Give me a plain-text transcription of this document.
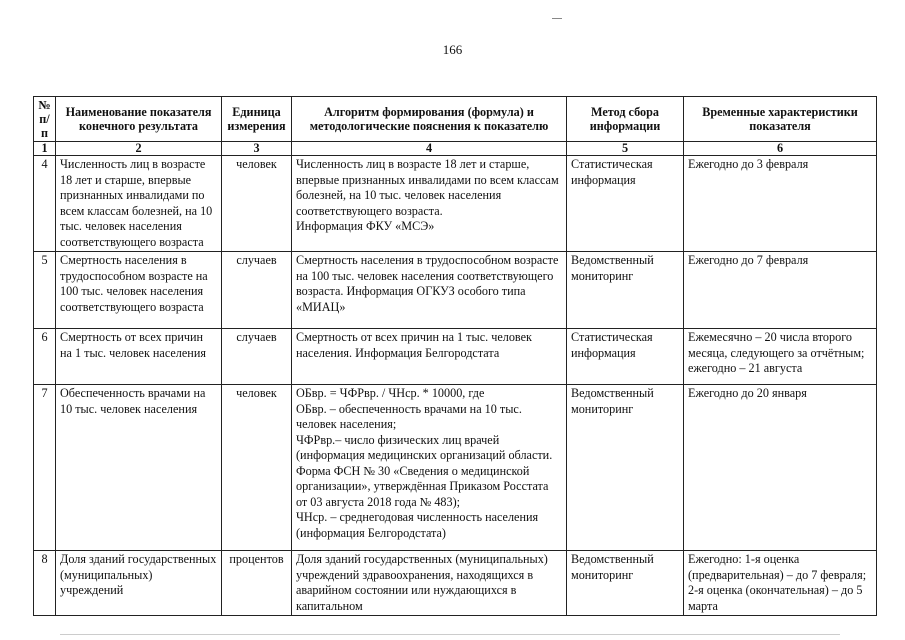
166
№ п/п	Наименование показателя конечного результата	Единица измерения	Алгоритм формирования (формула) и методологические пояснения к показателю	Метод сбора информации	Временные характеристики показателя
1	2	3	4	5	6
4	Численность лиц в возрасте 18 лет и старше, впервые признанных инвалидами по всем классам болезней, на 10 тыс. человек населения соответствующего возраста	человек	Численность лиц в возрасте 18 лет и старше, впервые признанных инвалидами по всем классам болезней, на 10 тыс. человек населения соответствующего возраста.
Информация ФКУ «МСЭ»	Статистическая информация	Ежегодно до 3 февраля
5	Смертность населения в трудоспособном возрасте на 100 тыс. человек населения соответствующего возраста	случаев	Смертность населения в трудоспособном возрасте на 100 тыс. человек населения соответствующего возраста. Информация ОГКУЗ особого типа «МИАЦ»	Ведомственный мониторинг	Ежегодно до 7 февраля
6	Смертность от всех причин на 1 тыс. человек населения	случаев	Смертность от всех причин на 1 тыс. человек населения. Информация Белгородстата	Статистическая информация	Ежемесячно – 20 числа второго месяца, следующего за отчётным; ежегодно – 21 августа
7	Обеспеченность врачами на 10 тыс. человек населения	человек	ОБвр. = ЧФРвр. / ЧНср. * 10000, где
ОБвр. – обеспеченность врачами на 10 тыс. человек населения;
ЧФРвр.– число физических лиц врачей (информация медицинских организаций области. Форма ФСН № 30 «Сведения о медицинской организации», утверждённая Приказом Росстата от 03 августа 2018 года № 483);
ЧНср. – среднегодовая численность населения (информация Белгородстата)	Ведомственный мониторинг	Ежегодно до 20 января
8	Доля зданий государственных (муниципальных) учреждений	процентов	Доля зданий государственных (муниципальных) учреждений здравоохранения, находящихся в аварийном состоянии или нуждающихся в капитальном	Ведомственный мониторинг	Ежегодно: 1-я оценка (предварительная) – до 7 февраля; 2-я оценка (окончательная) – до 5 марта
